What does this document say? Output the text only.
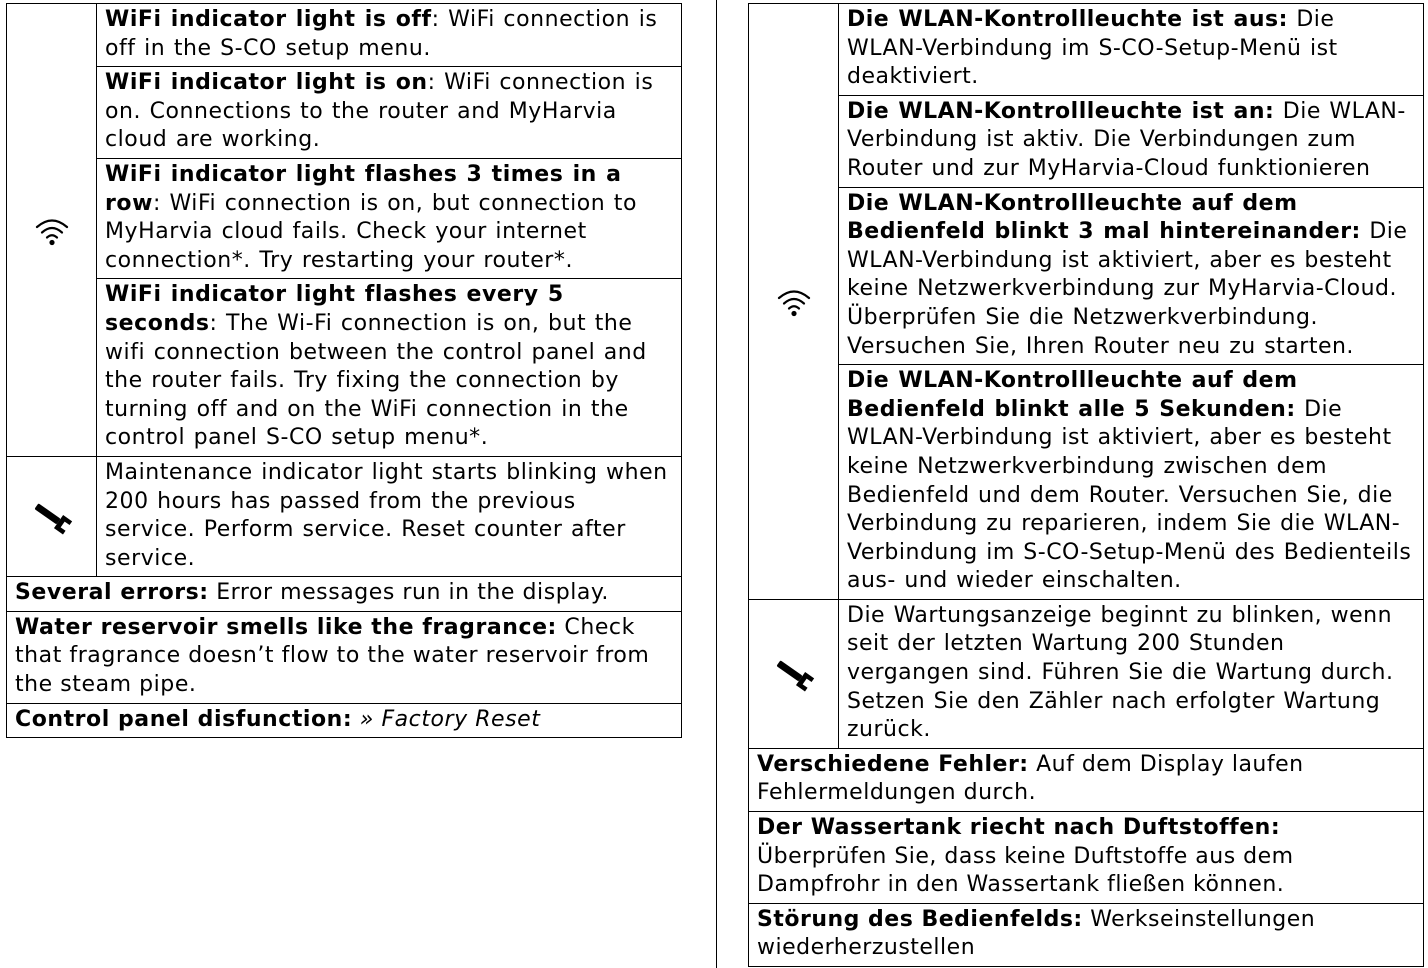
	WiFi indicator light is off: WiFi connection is off in the S-CO setup menu.
	WiFi indicator light is on: WiFi connection is on. Connections to the router and MyHarvia cloud are working.
	WiFi indicator light flashes 3 times in a row: WiFi connection is on, but connection to MyHarvia cloud fails. Check your internet connection*. Try restarting your router*.
	WiFi indicator light flashes every 5 seconds: The Wi-Fi connection is on, but the wifi connection between the control panel and the router fails. Try fixing the connection by turning off and on the WiFi connection in the control panel S-CO setup menu*.

	Maintenance indicator light starts blinking when 200 hours has passed from the previous service. Perform service. Reset counter after service.
Several errors: Error messages run in the display.	
Water reservoir smells like the fragrance: Check that fragrance doesn’t flow to the water reservoir from the steam pipe.	
Control panel disfunction: » Factory Reset	
	Die WLAN-Kontrollleuchte ist aus: Die WLAN-Verbindung im S-CO-Setup-Menü ist deaktiviert.
	Die WLAN-Kontrollleuchte ist an: Die WLAN-Verbindung ist aktiv. Die Verbindungen zum Router und zur MyHarvia-Cloud funktionieren
	Die WLAN-Kontrollleuchte auf dem Bedienfeld blinkt 3 mal hintereinander: Die WLAN-Verbindung ist aktiviert, aber es besteht keine Netzwerkverbindung zur MyHarvia-Cloud. Überprüfen Sie die Netzwerkverbindung. Versuchen Sie, Ihren Router neu zu starten.
	Die WLAN-Kontrollleuchte auf dem Bedienfeld blinkt alle 5 Sekunden: Die WLAN-Verbindung ist aktiviert, aber es besteht keine Netzwerkverbindung zwischen dem Bedienfeld und dem Router. Versuchen Sie, die Verbindung zu reparieren, indem Sie die WLAN-Verbindung im S-CO-Setup-Menü des Bedienteils aus- und wieder einschalten.

	Die Wartungsanzeige beginnt zu blinken, wenn seit der letzten Wartung 200 Stunden vergangen sind. Führen Sie die Wartung durch. Setzen Sie den Zähler nach erfolgter Wartung zurück.
Verschiedene Fehler: Auf dem Display laufen Fehlermeldungen durch.	
Der Wassertank riecht nach Duftstoffen: Überprüfen Sie, dass keine Duftstoffe aus dem Dampfrohr in den Wassertank fließen können.	
Störung des Bedienfelds: Werkseinstellungen wiederherzustellen	
